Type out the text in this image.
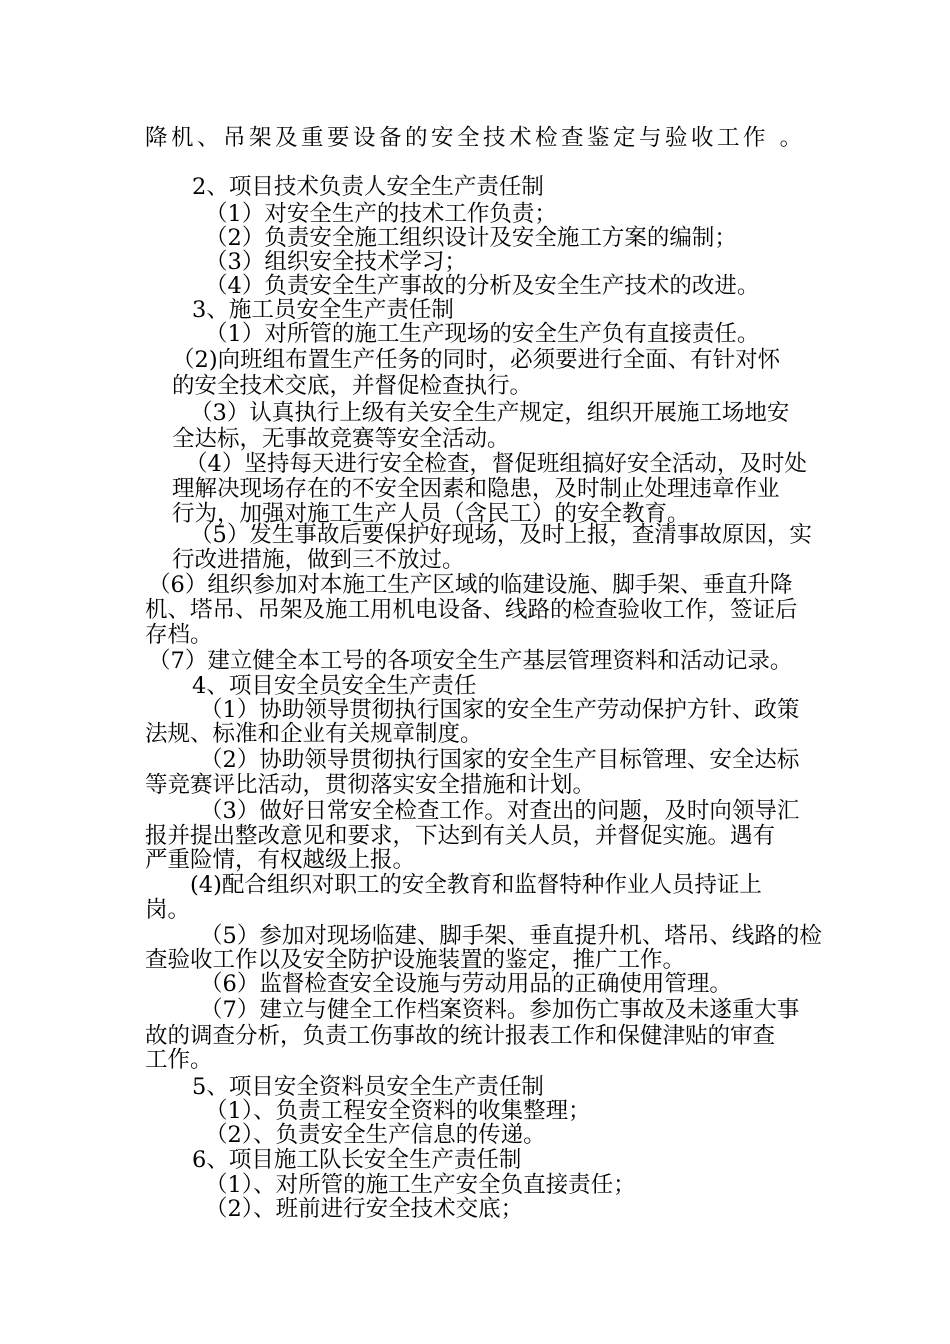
降机、吊架及重要设备的安全技术检查鉴定与验收工作 。
2、项目技术负责人安全生产责任制
（1）对安全生产的技术工作负责；
（2）负责安全施工组织设计及安全施工方案的编制；
（3）组织安全技术学习；
（4）负责安全生产事故的分析及安全生产技术的改进。
3、施工员安全生产责任制
（1）对所管的施工生产现场的安全生产负有直接责任。
（2)向班组布置生产任务的同时，必须要进行全面、有针对怀
的安全技术交底，并督促检查执行。
（3）认真执行上级有关安全生产规定，组织开展施工场地安
全达标，无事故竞赛等安全活动。
（4）坚持每天进行安全检查，督促班组搞好安全活动，及时处
理解决现场存在的不安全因素和隐患，及时制止处理违章作业
行为，加强对施工生产人员（含民工）的安全教育。
（5）发生事故后要保护好现场，及时上报，查清事故原因，实
行改进措施，做到三不放过。
（6）组织参加对本施工生产区域的临建设施、脚手架、垂直升降
机、塔吊、吊架及施工用机电设备、线路的检查验收工作，签证后
存档。
（7）建立健全本工号的各项安全生产基层管理资料和活动记录。
4、项目安全员安全生产责任
（1）协助领导贯彻执行国家的安全生产劳动保护方针、政策
法规、标准和企业有关规章制度。
（2）协助领导贯彻执行国家的安全生产目标管理、安全达标
等竞赛评比活动，贯彻落实安全措施和计划。
（3）做好日常安全检查工作。对查出的问题，及时向领导汇
报并提出整改意见和要求，下达到有关人员，并督促实施。遇有
严重险情，有权越级上报。
(4)配合组织对职工的安全教育和监督特种作业人员持证上
岗。
（5）参加对现场临建、脚手架、垂直提升机、塔吊、线路的检
查验收工作以及安全防护设施装置的鉴定，推广工作。
（6）监督检查安全设施与劳动用品的正确使用管理。
（7）建立与健全工作档案资料。参加伤亡事故及未遂重大事
故的调查分析，负责工伤事故的统计报表工作和保健津贴的审查
工作。
5、项目安全资料员安全生产责任制
（1）、负责工程安全资料的收集整理；
（2）、负责安全生产信息的传递。
6、项目施工队长安全生产责任制
（1）、对所管的施工生产安全负直接责任；
（2）、班前进行安全技术交底；
